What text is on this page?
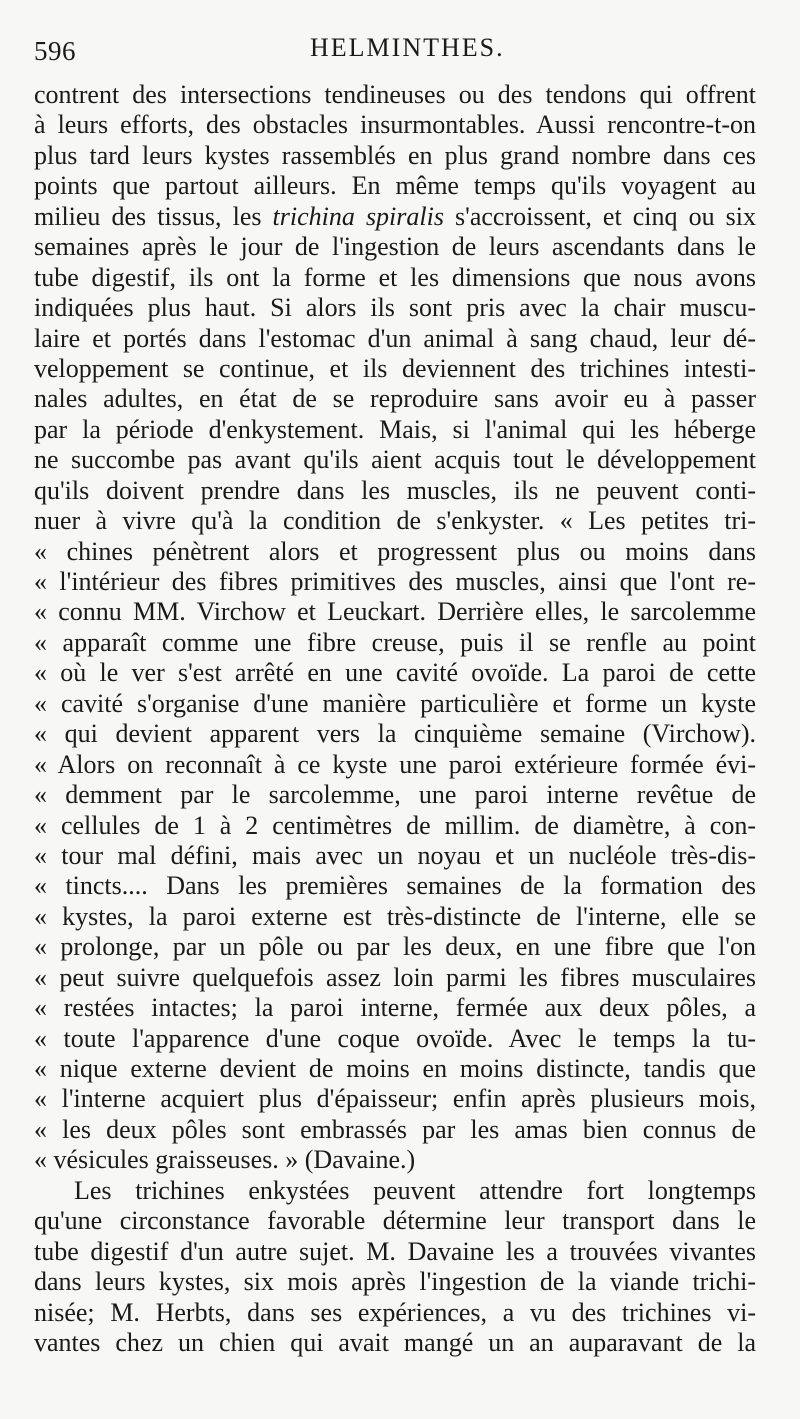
596	HELMINTHES.
contrent des intersections tendineuses ou des tendons qui offrent
à leurs efforts, des obstacles insurmontables. Aussi rencontre-t-on
plus tard leurs kystes rassemblés en plus grand nombre dans ces
points que partout ailleurs. En même temps qu'ils voyagent au
milieu des tissus, les trichina spiralis s'accroissent, et cinq ou six
semaines après le jour de l'ingestion de leurs ascendants dans le
tube digestif, ils ont la forme et les dimensions que nous avons
indiquées plus haut. Si alors ils sont pris avec la chair muscu-
laire et portés dans l'estomac d'un animal à sang chaud, leur dé-
veloppement se continue, et ils deviennent des trichines intesti-
nales adultes, en état de se reproduire sans avoir eu à passer
par la période d'enkystement. Mais, si l'animal qui les héberge
ne succombe pas avant qu'ils aient acquis tout le développement
qu'ils doivent prendre dans les muscles, ils ne peuvent conti-
nuer à vivre qu'à la condition de s'enkyster. « Les petites tri-
« chines pénètrent alors et progressent plus ou moins dans
« l'intérieur des fibres primitives des muscles, ainsi que l'ont re-
« connu MM. Virchow et Leuckart. Derrière elles, le sarcolemme
« apparaît comme une fibre creuse, puis il se renfle au point
« où le ver s'est arrêté en une cavité ovoïde. La paroi de cette
« cavité s'organise d'une manière particulière et forme un kyste
« qui devient apparent vers la cinquième semaine (Virchow).
« Alors on reconnaît à ce kyste une paroi extérieure formée évi-
« demment par le sarcolemme, une paroi interne revêtue de
« cellules de 1 à 2 centimètres de millim. de diamètre, à con-
« tour mal défini, mais avec un noyau et un nucléole très-dis-
« tincts.... Dans les premières semaines de la formation des
« kystes, la paroi externe est très-distincte de l'interne, elle se
« prolonge, par un pôle ou par les deux, en une fibre que l'on
« peut suivre quelquefois assez loin parmi les fibres musculaires
« restées intactes; la paroi interne, fermée aux deux pôles, a
« toute l'apparence d'une coque ovoïde. Avec le temps la tu-
« nique externe devient de moins en moins distincte, tandis que
« l'interne acquiert plus d'épaisseur; enfin après plusieurs mois,
« les deux pôles sont embrassés par les amas bien connus de
« vésicules graisseuses. » (Davaine.)
Les trichines enkystées peuvent attendre fort longtemps
qu'une circonstance favorable détermine leur transport dans le
tube digestif d'un autre sujet. M. Davaine les a trouvées vivantes
dans leurs kystes, six mois après l'ingestion de la viande trichi-
nisée; M. Herbts, dans ses expériences, a vu des trichines vi-
vantes chez un chien qui avait mangé un an auparavant de la
